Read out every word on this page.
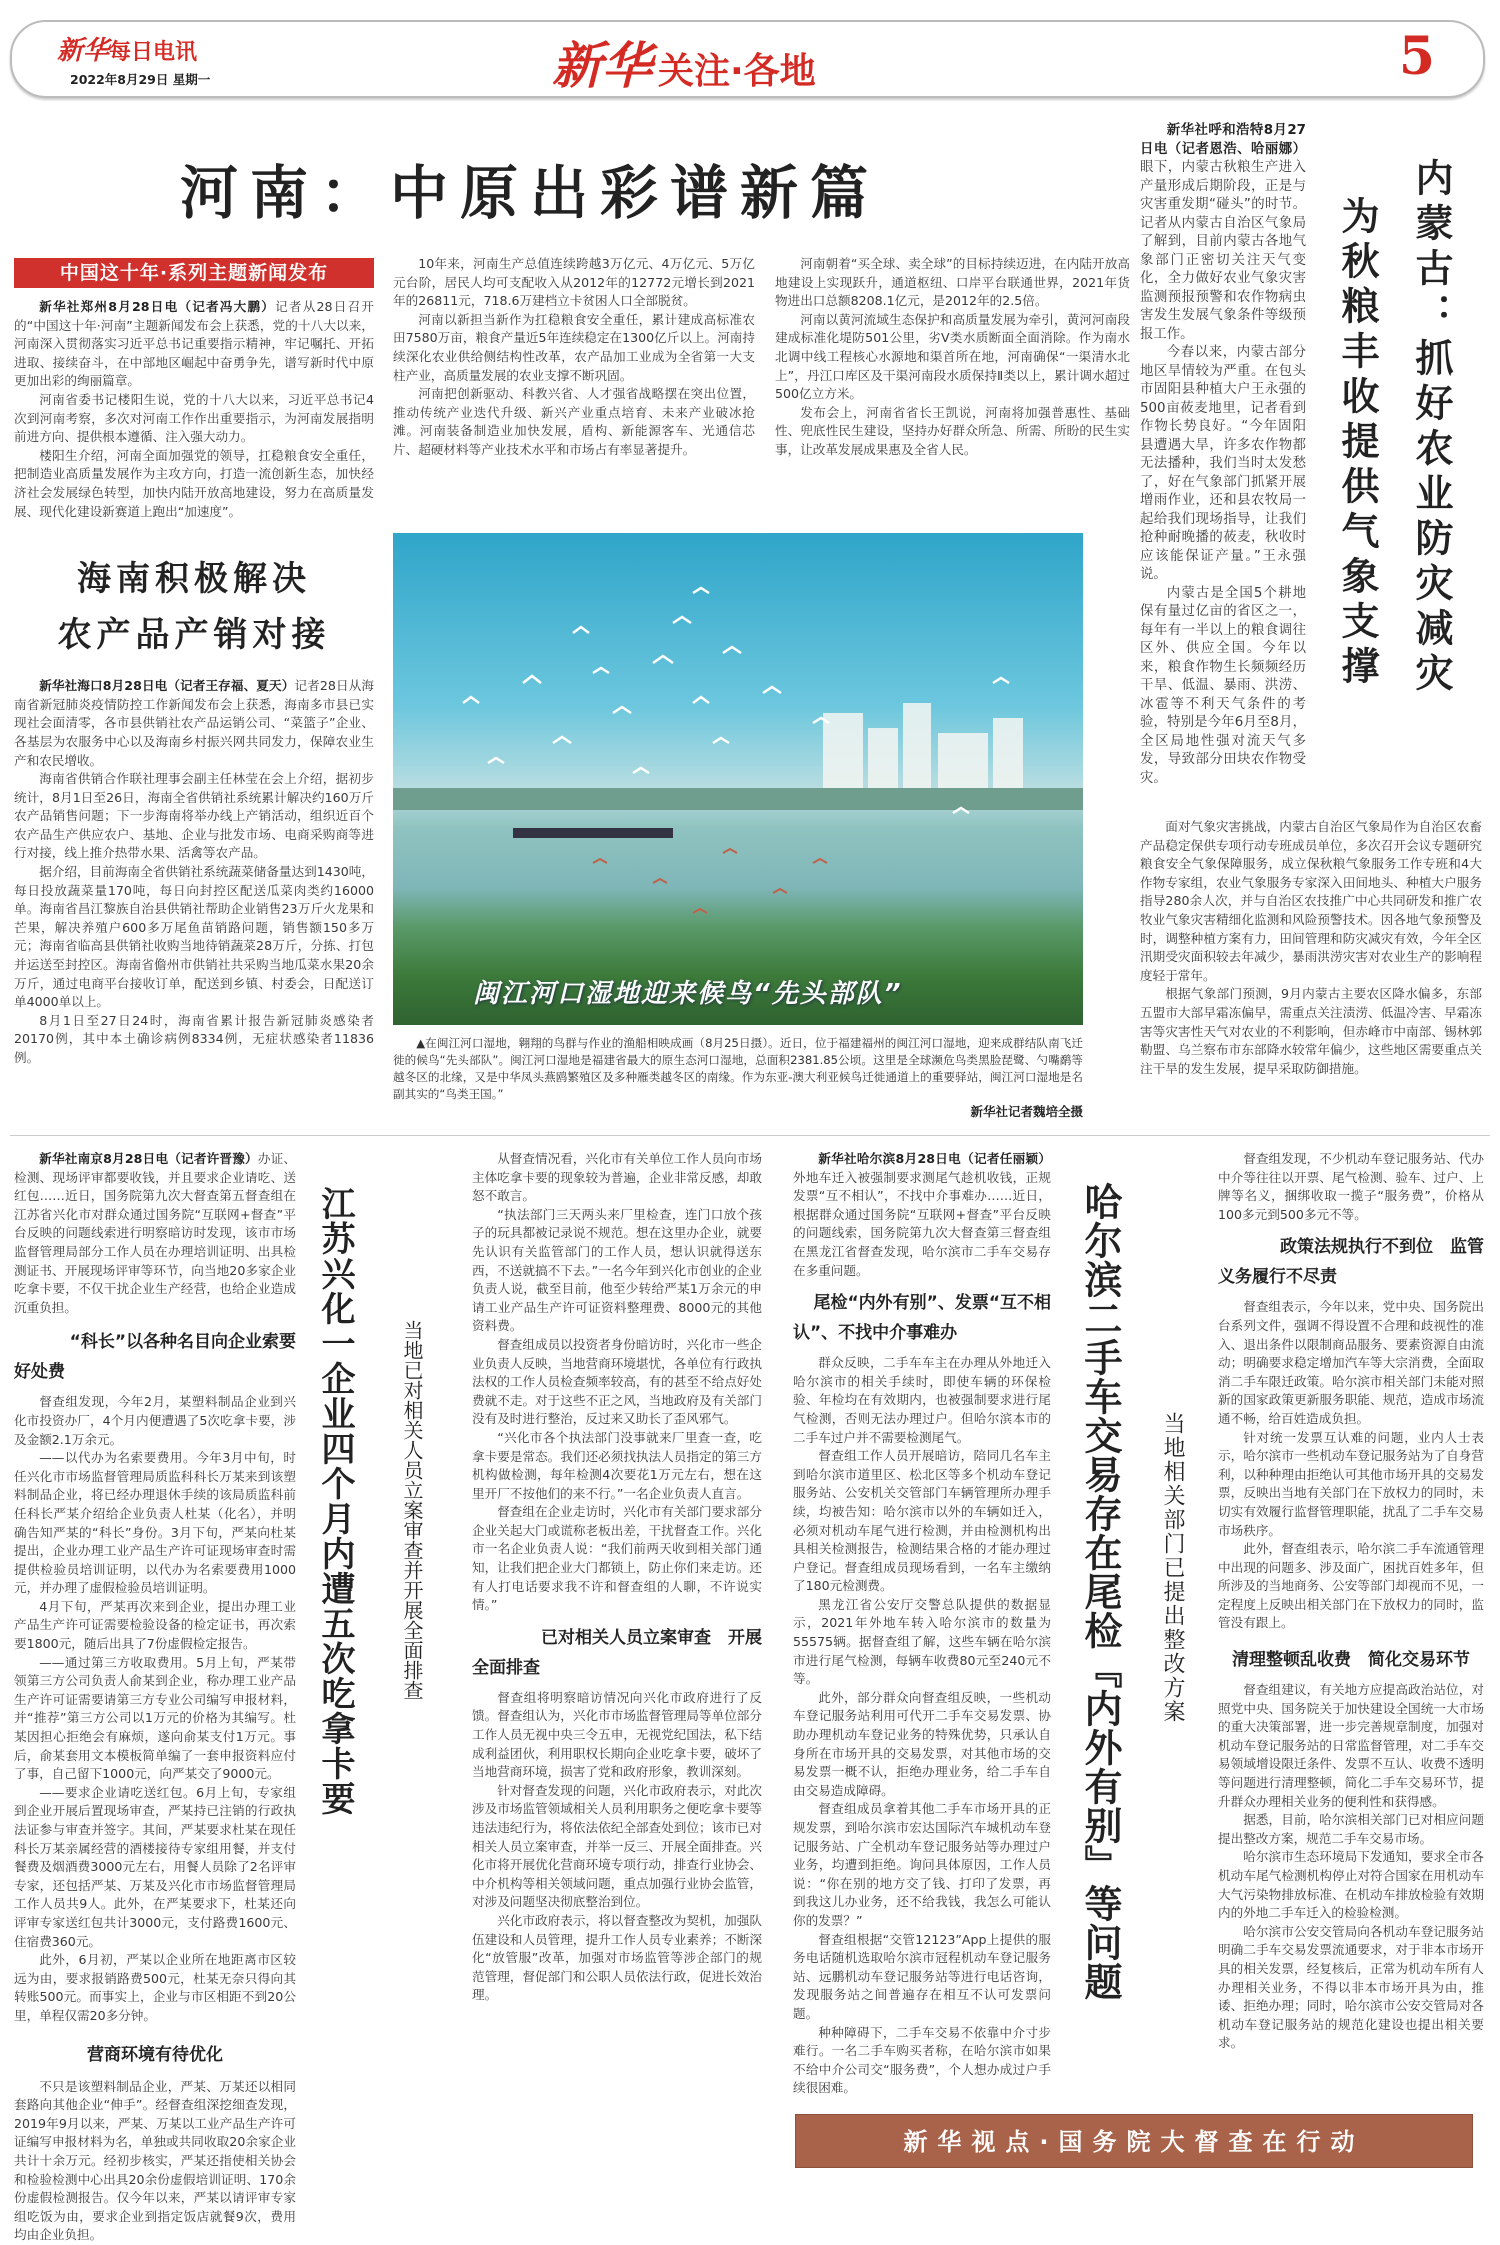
新华每日电讯
2022年8月29日 星期一	新华 关注·各地	5
河南：中原出彩谱新篇
中国这十年·系列主题新闻发布

新华社郑州8月28日电（记者冯大鹏）记者从28日召开的“中国这十年·河南”主题新闻发布会上获悉，党的十八大以来，河南深入贯彻落实习近平总书记重要指示精神，牢记嘱托、开拓进取、接续奋斗，在中部地区崛起中奋勇争先，谱写新时代中原更加出彩的绚丽篇章。

河南省委书记楼阳生说，党的十八大以来，习近平总书记4次到河南考察，多次对河南工作作出重要指示，为河南发展指明前进方向、提供根本遵循、注入强大动力。

楼阳生介绍，河南全面加强党的领导，扛稳粮食安全重任，把制造业高质量发展作为主攻方向，打造一流创新生态，加快经济社会发展绿色转型，加快内陆开放高地建设，努力在高质量发展、现代化建设新赛道上跑出“加速度”。

海南积极解决
农产品产销对接

新华社海口8月28日电（记者王存福、夏天）记者28日从海南省新冠肺炎疫情防控工作新闻发布会上获悉，海南多市县已实现社会面清零，各市县供销社农产品运销公司、“菜篮子”企业、各基层为农服务中心以及海南乡村振兴网共同发力，保障农业生产和农民增收。

海南省供销合作联社理事会副主任林莹在会上介绍，据初步统计，8月1日至26日，海南全省供销社系统累计解决约160万斤农产品销售问题；下一步海南将举办线上产销活动，组织近百个农产品生产供应农户、基地、企业与批发市场、电商采购商等进行对接，线上推介热带水果、活禽等农产品。

据介绍，目前海南全省供销社系统蔬菜储备量达到1430吨，每日投放蔬菜量170吨，每日向封控区配送瓜菜肉类约16000单。海南省昌江黎族自治县供销社帮助企业销售23万斤火龙果和芒果，解决养殖户600多万尾鱼苗销路问题，销售额150多万元；海南省临高县供销社收购当地待销蔬菜28万斤，分拣、打包并运送至封控区。海南省儋州市供销社共采购当地瓜菜水果20余万斤，通过电商平台接收订单，配送到乡镇、村委会，日配送订单4000单以上。

8月1日至27日24时，海南省累计报告新冠肺炎感染者20170例，其中本土确诊病例8334例，无症状感染者11836例。

10年来，河南生产总值连续跨越3万亿元、4万亿元、5万亿元台阶，居民人均可支配收入从2012年的12772元增长到2021年的26811元，718.6万建档立卡贫困人口全部脱贫。

河南以新担当新作为扛稳粮食安全重任，累计建成高标准农田7580万亩，粮食产量近5年连续稳定在1300亿斤以上。河南持续深化农业供给侧结构性改革，农产品加工业成为全省第一大支柱产业，高质量发展的农业支撑不断巩固。

河南把创新驱动、科教兴省、人才强省战略摆在突出位置，推动传统产业迭代升级、新兴产业重点培育、未来产业破冰抢滩。河南装备制造业加快发展，盾构、新能源客车、光通信芯片、超硬材料等产业技术水平和市场占有率显著提升。

河南朝着“买全球、卖全球”的目标持续迈进，在内陆开放高地建设上实现跃升，通道枢纽、口岸平台联通世界，2021年货物进出口总额8208.1亿元，是2012年的2.5倍。

河南以黄河流域生态保护和高质量发展为牵引，黄河河南段建成标准化堤防501公里，劣V类水质断面全面消除。作为南水北调中线工程核心水源地和渠首所在地，河南确保“一渠清水北上”，丹江口库区及干渠河南段水质保持Ⅱ类以上，累计调水超过500亿立方米。

发布会上，河南省省长王凯说，河南将加强普惠性、基础性、兜底性民生建设，坚持办好群众所急、所需、所盼的民生实事，让改革发展成果惠及全省人民。

闽江河口湿地迎来候鸟“先头部队”
▲在闽江河口湿地，翱翔的鸟群与作业的渔船相映成画（8月25日摄）。近日，位于福建福州的闽江河口湿地，迎来成群结队南飞迁徙的候鸟“先头部队”。闽江河口湿地是福建省最大的原生态河口湿地，总面积2381.85公顷。这里是全球濒危鸟类黑脸琵鹭、勺嘴鹬等越冬区的北缘，又是中华凤头燕鸥繁殖区及多种雁类越冬区的南缘。作为东亚-澳大利亚候鸟迁徙通道上的重要驿站，闽江河口湿地是名副其实的“鸟类王国。”
新华社记者魏培全摄

新华社呼和浩特8月27日电（记者恩浩、哈丽娜）眼下，内蒙古秋粮生产进入产量形成后期阶段，正是与灾害重发期“碰头”的时节。记者从内蒙古自治区气象局了解到，目前内蒙古各地气象部门正密切关注天气变化，全力做好农业气象灾害监测预报预警和农作物病虫害发生发展气象条件等级预报工作。

今春以来，内蒙古部分地区旱情较为严重。在包头市固阳县种植大户王永强的500亩莜麦地里，记者看到作物长势良好。“今年固阳县遭遇大旱，许多农作物都无法播种，我们当时太发愁了，好在气象部门抓紧开展增雨作业，还和县农牧局一起给我们现场指导，让我们抢种耐晚播的莜麦，秋收时应该能保证产量。”王永强说。

内蒙古是全国5个耕地保有量过亿亩的省区之一，每年有一半以上的粮食调往区外、供应全国。今年以来，粮食作物生长频频经历干旱、低温、暴雨、洪涝、冰雹等不利天气条件的考验，特别是今年6月至8月，全区局地性强对流天气多发，导致部分田块农作物受灾。

为秋粮丰收提供气象支撑 内蒙古：抓好农业防灾减灾

面对气象灾害挑战，内蒙古自治区气象局作为自治区农畜产品稳定保供专项行动专班成员单位，多次召开会议专题研究粮食安全气象保障服务，成立保秋粮气象服务工作专班和4大作物专家组，农业气象服务专家深入田间地头、种植大户服务指导280余人次，并与自治区农技推广中心共同研发和推广农牧业气象灾害精细化监测和风险预警技术。因各地气象预警及时，调整种植方案有力，田间管理和防灾减灾有效，今年全区汛期受灾面积较去年减少，暴雨洪涝灾害对农业生产的影响程度轻于常年。

根据气象部门预测，9月内蒙古主要农区降水偏多，东部五盟市大部早霜冻偏早，需重点关注渍涝、低温冷害、早霜冻害等灾害性天气对农业的不利影响，但赤峰市中南部、锡林郭勒盟、乌兰察布市东部降水较常年偏少，这些地区需要重点关注干旱的发生发展，提早采取防御措施。

新华社南京8月28日电（记者许晋豫）办证、检测、现场评审都要收钱，并且要求企业请吃、送红包……近日，国务院第九次大督查第五督查组在江苏省兴化市对群众通过国务院“互联网+督查”平台反映的问题线索进行明察暗访时发现，该市市场监督管理局部分工作人员在办理培训证明、出具检测证书、开展现场评审等环节，向当地20多家企业吃拿卡要，不仅干扰企业生产经营，也给企业造成沉重负担。

“科长”以各种名目向企业索要
好处费

督查组发现，今年2月，某塑料制品企业到兴化市投资办厂，4个月内便遭遇了5次吃拿卡要，涉及金额2.1万余元。

——以代办为名索要费用。今年3月中旬，时任兴化市市场监督管理局质监科科长万某来到该塑料制品企业，将已经办理退休手续的该局质监科前任科长严某介绍给企业负责人杜某（化名），并明确告知严某的“科长”身份。3月下旬，严某向杜某提出，企业办理工业产品生产许可证现场审查时需提供检验员培训证明，以代办为名索要费用1000元，并办理了虚假检验员培训证明。

4月下旬，严某再次来到企业，提出办理工业产品生产许可证需要检验设备的检定证书，再次索要1800元，随后出具了7份虚假检定报告。

——通过第三方收取费用。5月上旬，严某带领第三方公司负责人俞某到企业，称办理工业产品生产许可证需要请第三方专业公司编写申报材料，并“推荐”第三方公司以1万元的价格为其编写。杜某因担心拒绝会有麻烦，遂向俞某支付1万元。事后，俞某套用文本模板简单编了一套申报资料应付了事，自己留下1000元，向严某交了9000元。

——要求企业请吃送红包。6月上旬，专家组到企业开展后置现场审查，严某持已注销的行政执法证参与审查并签字。其间，严某要求杜某在现任科长万某亲属经营的酒楼接待专家组用餐，并支付餐费及烟酒费3000元左右，用餐人员除了2名评审专家，还包括严某、万某及兴化市市场监督管理局工作人员共9人。此外，在严某要求下，杜某还向评审专家送红包共计3000元，支付路费1600元、住宿费360元。

此外，6月初，严某以企业所在地距离市区较远为由，要求报销路费500元，杜某无奈只得向其转账500元。而事实上，企业与市区相距不到20公里，单程仅需20多分钟。

营商环境有待优化

不只是该塑料制品企业，严某、万某还以相同套路向其他企业“伸手”。经督查组深挖细查发现，2019年9月以来，严某、万某以工业产品生产许可证编写申报材料为名，单独或共同收取20余家企业共计十余万元。经初步核实，严某还指使相关协会和检验检测中心出具20余份虚假培训证明、170余份虚假检测报告。仅今年以来，严某以请评审专家组吃饭为由，要求企业到指定饭店就餐9次，费用均由企业负担。

江苏兴化一企业四个月内遭五次吃拿卡要	当地已对相关人员立案审查并开展全面排查

从督查情况看，兴化市有关单位工作人员向市场主体吃拿卡要的现象较为普遍，企业非常反感，却敢怒不敢言。

“执法部门三天两头来厂里检查，连门口放个孩子的玩具都被记录说不规范。想在这里办企业，就要先认识有关监管部门的工作人员，想认识就得送东西，不送就搞不下去。”一名今年到兴化市创业的企业负责人说，截至目前，他至少转给严某1万余元的申请工业产品生产许可证资料整理费、8000元的其他资料费。

督查组成员以投资者身份暗访时，兴化市一些企业负责人反映，当地营商环境堪忧，各单位有行政执法权的工作人员检查频率较高，有的甚至不给点好处费就不走。对于这些不正之风，当地政府及有关部门没有及时进行整治，反过来又助长了歪风邪气。

“兴化市各个执法部门没事就来厂里查一查，吃拿卡要是常态。我们还必须找执法人员指定的第三方机构做检测，每年检测4次要花1万元左右，想在这里开厂不按他们的来不行。”一名企业负责人直言。

督查组在企业走访时，兴化市有关部门要求部分企业关起大门或谎称老板出差，干扰督查工作。兴化市一名企业负责人说：“我们前两天收到相关部门通知，让我们把企业大门都锁上，防止你们来走访。还有人打电话要求我不许和督查组的人聊，不许说实情。”

已对相关人员立案审查　开展
全面排查

督查组将明察暗访情况向兴化市政府进行了反馈。督查组认为，兴化市市场监督管理局等单位部分工作人员无视中央三令五申，无视党纪国法，私下结成利益团伙，利用职权长期向企业吃拿卡要，破坏了当地营商环境，损害了党和政府形象，教训深刻。

针对督查发现的问题，兴化市政府表示，对此次涉及市场监管领域相关人员利用职务之便吃拿卡要等违法违纪行为，将依法依纪全部查处到位；该市已对相关人员立案审查，并举一反三、开展全面排查。兴化市将开展优化营商环境专项行动，排查行业协会、中介机构等相关领域问题，重点加强行业协会监管，对涉及问题坚决彻底整治到位。

兴化市政府表示，将以督查整改为契机，加强队伍建设和人员管理，提升工作人员专业素养；不断深化“放管服”改革，加强对市场监管等涉企部门的规范管理，督促部门和公职人员依法行政，促进长效治理。

新华社哈尔滨8月28日电（记者任丽颖）外地车迁入被强制要求测尾气趁机收钱，正规发票“互不相认”，不找中介事难办……近日，根据群众通过国务院“互联网+督查”平台反映的问题线索，国务院第九次大督查第三督查组在黑龙江省督查发现，哈尔滨市二手车交易存在多重问题。

尾检“内外有别”、发票“互不相
认”、不找中介事难办

群众反映，二手车车主在办理从外地迁入哈尔滨市的相关手续时，即使车辆的环保检验、年检均在有效期内，也被强制要求进行尾气检测，否则无法办理过户。但哈尔滨本市的二手车过户并不需要检测尾气。

督查组工作人员开展暗访，陪同几名车主到哈尔滨市道里区、松北区等多个机动车登记服务站、公安机关交管部门车辆管理所办理手续，均被告知：哈尔滨市以外的车辆如迁入，必须对机动车尾气进行检测，并由检测机构出具相关检测报告，检测结果合格的才能办理过户登记。督查组成员现场看到，一名车主缴纳了180元检测费。

黑龙江省公安厅交警总队提供的数据显示，2021年外地车转入哈尔滨市的数量为55575辆。据督查组了解，这些车辆在哈尔滨市进行尾气检测，每辆车收费80元至240元不等。

此外，部分群众向督查组反映，一些机动车登记服务站利用可代开二手车交易发票、协助办理机动车登记业务的特殊优势，只承认自身所在市场开具的交易发票，对其他市场的交易发票一概不认，拒绝办理业务，给二手车自由交易造成障碍。

督查组成员拿着其他二手车市场开具的正规发票，到哈尔滨市宏达国际汽车城机动车登记服务站、广全机动车登记服务站等办理过户业务，均遭到拒绝。询问具体原因，工作人员说：“你在别的地方交了钱、打印了发票，再到我这儿办业务，还不给我钱，我怎么可能认你的发票？”

督查组根据“交管12123”App上提供的服务电话随机选取哈尔滨市冠程机动车登记服务站、远鹏机动车登记服务站等进行电话咨询，发现服务站之间普遍存在相互不认可发票问题。

种种障碍下，二手车交易不依靠中介寸步难行。一名二手车购买者称，在哈尔滨市如果不给中介公司交“服务费”，个人想办成过户手续很困难。

哈尔滨二手车交易存在尾检『内外有别』等问题 当地相关部门已提出整改方案

督查组发现，不少机动车登记服务站、代办中介等往往以开票、尾气检测、验车、过户、上牌等名义，捆绑收取一揽子“服务费”，价格从100多元到500多元不等。

政策法规执行不到位　监管
义务履行不尽责

督查组表示，今年以来，党中央、国务院出台系列文件，强调不得设置不合理和歧视性的准入、退出条件以限制商品服务、要素资源自由流动；明确要求稳定增加汽车等大宗消费，全面取消二手车限迁政策。哈尔滨市相关部门未能对照新的国家政策更新服务职能、规范，造成市场流通不畅，给百姓造成负担。

针对统一发票互认难的问题，业内人士表示，哈尔滨市一些机动车登记服务站为了自身营利，以种种理由拒绝认可其他市场开具的交易发票，反映出当地有关部门在下放权力的同时，未切实有效履行监督管理职能，扰乱了二手车交易市场秩序。

此外，督查组表示，哈尔滨二手车流通管理中出现的问题多、涉及面广，困扰百姓多年，但所涉及的当地商务、公安等部门却视而不见，一定程度上反映出相关部门在下放权力的同时，监管没有跟上。

清理整顿乱收费　简化交易环节

督查组建议，有关地方应提高政治站位，对照党中央、国务院关于加快建设全国统一大市场的重大决策部署，进一步完善规章制度，加强对机动车登记服务站的日常监督管理，对二手车交易领域增设限迁条件、发票不互认、收费不透明等问题进行清理整顿，简化二手车交易环节，提升群众办理相关业务的便利性和获得感。

据悉，目前，哈尔滨相关部门已对相应问题提出整改方案，规范二手车交易市场。

哈尔滨市生态环境局下发通知，要求全市各机动车尾气检测机构停止对符合国家在用机动车大气污染物排放标准、在机动车排放检验有效期内的外地二手车迁入的检验检测。

哈尔滨市公安交管局向各机动车登记服务站明确二手车交易发票流通要求，对于非本市场开具的相关发票，经复核后，正常为机动车所有人办理相关业务，不得以非本市场开具为由，推诿、拒绝办理；同时，哈尔滨市公安交管局对各机动车登记服务站的规范化建设也提出相关要求。

新华视点·国务院大督查在行动
